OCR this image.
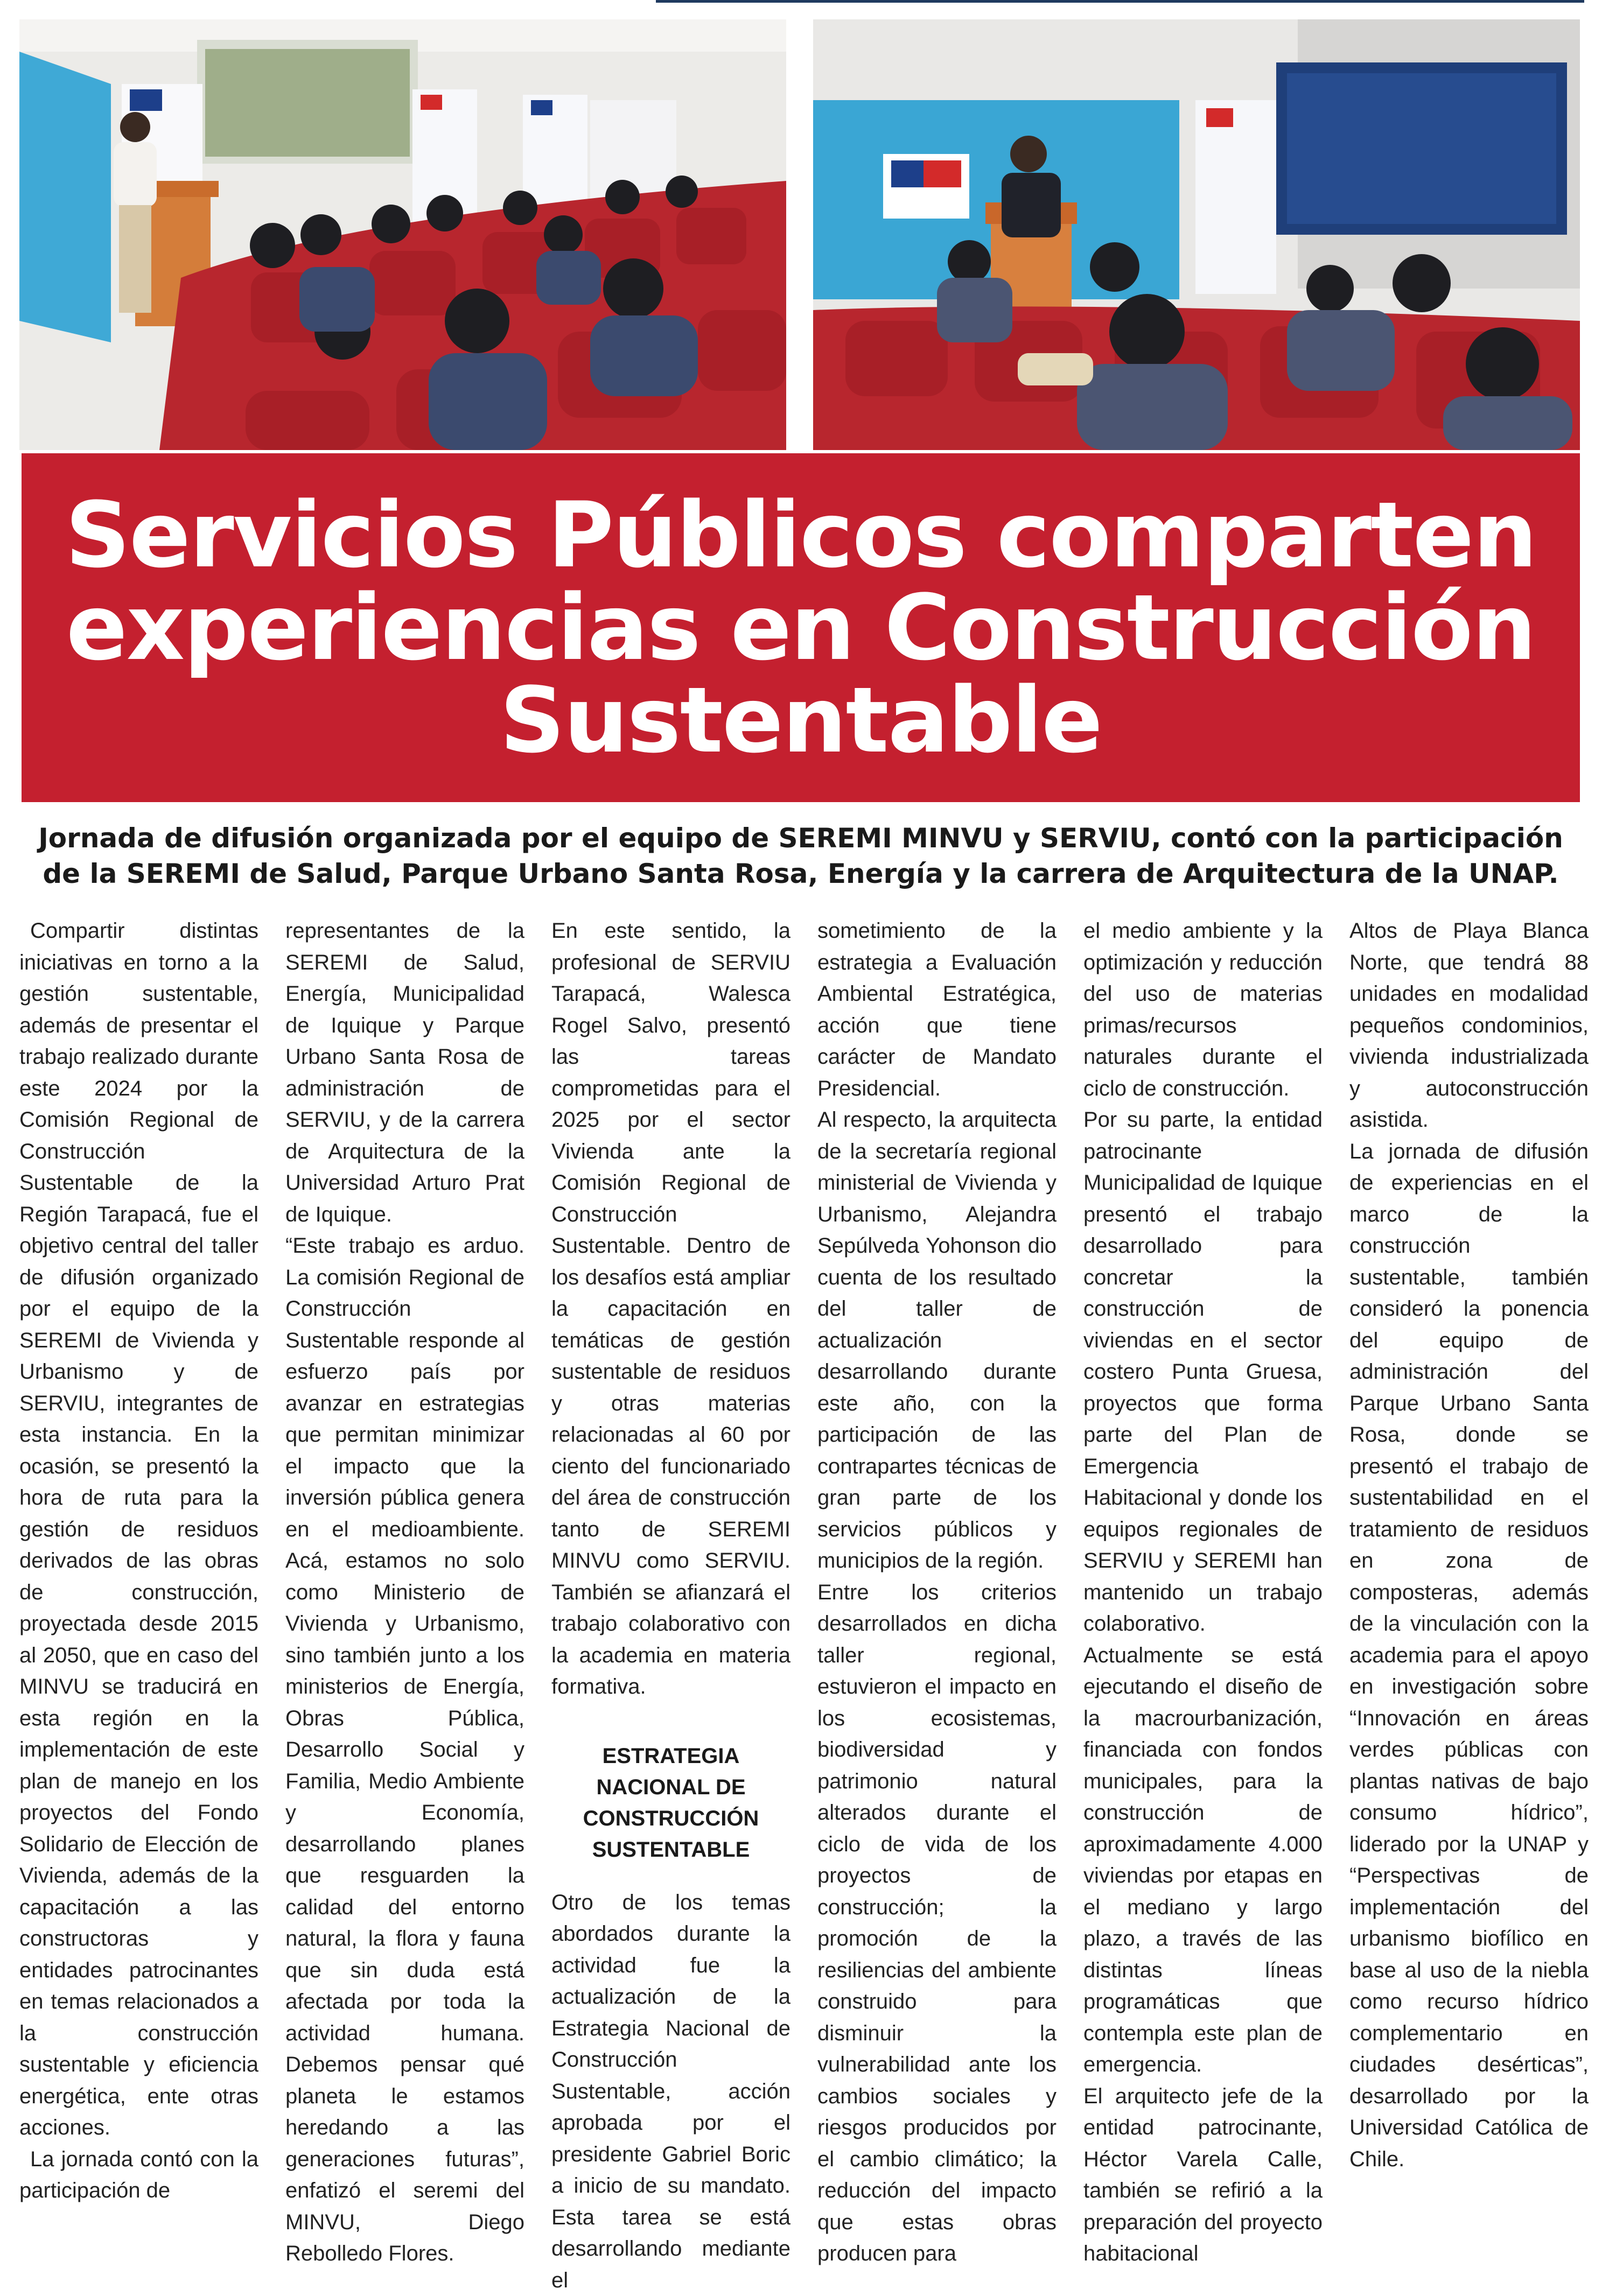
Servicios Públicos comparten experiencias en Construcción Sustentable

Jornada de difusión organizada por el equipo de SEREMI MINVU y SERVIU, contó con la participación de la SEREMI de Salud, Parque Urbano Santa Rosa, Energía y la carrera de Arquitectura de la UNAP.

Compartir distintas iniciativas en torno a la gestión sustentable, además de presentar el trabajo realizado durante este 2024 por la Comisión Regional de Construcción Sustentable de la Región Tarapacá, fue el objetivo central del taller de difusión organizado por el equipo de la SEREMI de Vivienda y Urbanismo y de SERVIU, integrantes de esta instancia. En la ocasión, se presentó la hora de ruta para la gestión de residuos derivados de las obras de construcción, proyectada desde 2015 al 2050, que en caso del MINVU se traducirá en esta región en la implementación de este plan de manejo en los proyectos del Fondo Solidario de Elección de Vivienda, además de la capacitación a las constructoras y entidades patrocinantes en temas relacionados a la construcción sustentable y eficiencia energética, ente otras acciones.

La jornada contó con la participación de

representantes de la SEREMI de Salud, Energía, Municipalidad de Iquique y Parque Urbano Santa Rosa de administración de SERVIU, y de la carrera de Arquitectura de la Universidad Arturo Prat de Iquique.

“Este trabajo es arduo. La comisión Regional de Construcción Sustentable responde al esfuerzo país por avanzar en estrategias que permitan minimizar el impacto que la inversión pública genera en el medioambiente. Acá, estamos no solo como Ministerio de Vivienda y Urbanismo, sino también junto a los ministerios de Energía, Obras Pública, Desarrollo Social y Familia, Medio Ambiente y Economía, desarrollando planes que resguarden la calidad del entorno natural, la flora y fauna que sin duda está afectada por toda la actividad humana. Debemos pensar qué planeta le estamos heredando a las generaciones futuras”, enfatizó el seremi del MINVU, Diego Rebolledo Flores.

En este sentido, la profesional de SERVIU Tarapacá, Walesca Rogel Salvo, presentó las tareas comprometidas para el 2025 por el sector Vivienda ante la Comisión Regional de Construcción Sustentable. Dentro de los desafíos está ampliar la capacitación en temáticas de gestión sustentable de residuos y otras materias relacionadas al 60 por ciento del funcionariado del área de construcción tanto de SEREMI MINVU como SERVIU. También se afianzará el trabajo colaborativo con la academia en materia formativa.

ESTRATEGIA NACIONAL DE CONSTRUCCIÓN SUSTENTABLE

Otro de los temas abordados durante la actividad fue la actualización de la Estrategia Nacional de Construcción Sustentable, acción aprobada por el presidente Gabriel Boric a inicio de su mandato. Esta tarea se está desarrollando mediante el

sometimiento de la estrategia a Evaluación Ambiental Estratégica, acción que tiene carácter de Mandato Presidencial.

Al respecto, la arquitecta de la secretaría regional ministerial de Vivienda y Urbanismo, Alejandra Sepúlveda Yohonson dio cuenta de los resultado del taller de actualización desarrollando durante este año, con la participación de las contrapartes técnicas de gran parte de los servicios públicos y municipios de la región.

Entre los criterios desarrollados en dicha taller regional, estuvieron el impacto en los ecosistemas, biodiversidad y patrimonio natural alterados durante el ciclo de vida de los proyectos de construcción; la promoción de la resiliencias del ambiente construido para disminuir la vulnerabilidad ante los cambios sociales y riesgos producidos por el cambio climático; la reducción del impacto que estas obras producen para

el medio ambiente y la optimización y reducción del uso de materias primas/recursos naturales durante el ciclo de construcción.

Por su parte, la entidad patrocinante Municipalidad de Iquique presentó el trabajo desarrollado para concretar la construcción de viviendas en el sector costero Punta Gruesa, proyectos que forma parte del Plan de Emergencia Habitacional y donde los equipos regionales de SERVIU y SEREMI han mantenido un trabajo colaborativo. Actualmente se está ejecutando el diseño de la macrourbanización, financiada con fondos municipales, para la construcción de aproximadamente 4.000 viviendas por etapas en el mediano y largo plazo, a través de las distintas líneas programáticas que contempla este plan de emergencia.

El arquitecto jefe de la entidad patrocinante, Héctor Varela Calle, también se refirió a la preparación del proyecto habitacional

Altos de Playa Blanca Norte, que tendrá 88 unidades en modalidad pequeños condominios, vivienda industrializada y autoconstrucción asistida.

La jornada de difusión de experiencias en el marco de la construcción sustentable, también consideró la ponencia del equipo de administración del Parque Urbano Santa Rosa, donde se presentó el trabajo de sustentabilidad en el tratamiento de residuos en zona de composteras, además de la vinculación con la academia para el apoyo en investigación sobre “Innovación en áreas verdes públicas con plantas nativas de bajo consumo hídrico”, liderado por la UNAP y “Perspectivas de implementación del urbanismo biofílico en base al uso de la niebla como recurso hídrico complementario en ciudades desérticas”, desarrollado por la Universidad Católica de Chile.
